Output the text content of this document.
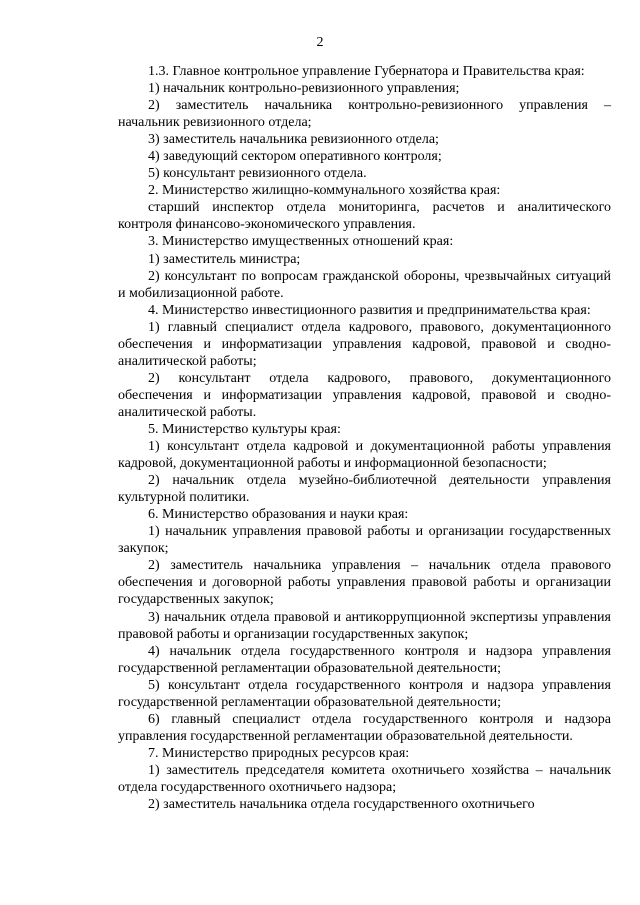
2

1.3. Главное контрольное управление Губернатора и Правительства края:

1) начальник контрольно-ревизионного управления;

2) заместитель начальника контрольно-ревизионного управления – начальник ревизионного отдела;

3) заместитель начальника ревизионного отдела;

4) заведующий сектором оперативного контроля;

5) консультант ревизионного отдела.

2. Министерство жилищно-коммунального хозяйства края:

старший инспектор отдела мониторинга, расчетов и аналитического контроля финансово-экономического управления.

3. Министерство имущественных отношений края:

1) заместитель министра;

2) консультант по вопросам гражданской обороны, чрезвычайных ситуаций и мобилизационной работе.

4. Министерство инвестиционного развития и предпринимательства края:

1) главный специалист отдела кадрового, правового, документационного обеспечения и информатизации управления кадровой, правовой и сводно-аналитической работы;

2) консультант отдела кадрового, правового, документационного обеспечения и информатизации управления кадровой, правовой и сводно-аналитической работы.

5. Министерство культуры края:

1) консультант отдела кадровой и документационной работы управления кадровой, документационной работы и информационной безопасности;

2) начальник отдела музейно-библиотечной деятельности управления культурной политики.

6. Министерство образования и науки края:

1) начальник управления правовой работы и организации государственных закупок;

2) заместитель начальника управления – начальник отдела правового обеспечения и договорной работы управления правовой работы и организации государственных закупок;

3) начальник отдела правовой и антикоррупционной экспертизы управления правовой работы и организации государственных закупок;

4) начальник отдела государственного контроля и надзора управления государственной регламентации образовательной деятельности;

5) консультант отдела государственного контроля и надзора управления государственной регламентации образовательной деятельности;

6) главный специалист отдела государственного контроля и надзора управления государственной регламентации образовательной деятельности.

7. Министерство природных ресурсов края:

1) заместитель председателя комитета охотничьего хозяйства – начальник отдела государственного охотничьего надзора;

2) заместитель начальника отдела государственного охотничьего
